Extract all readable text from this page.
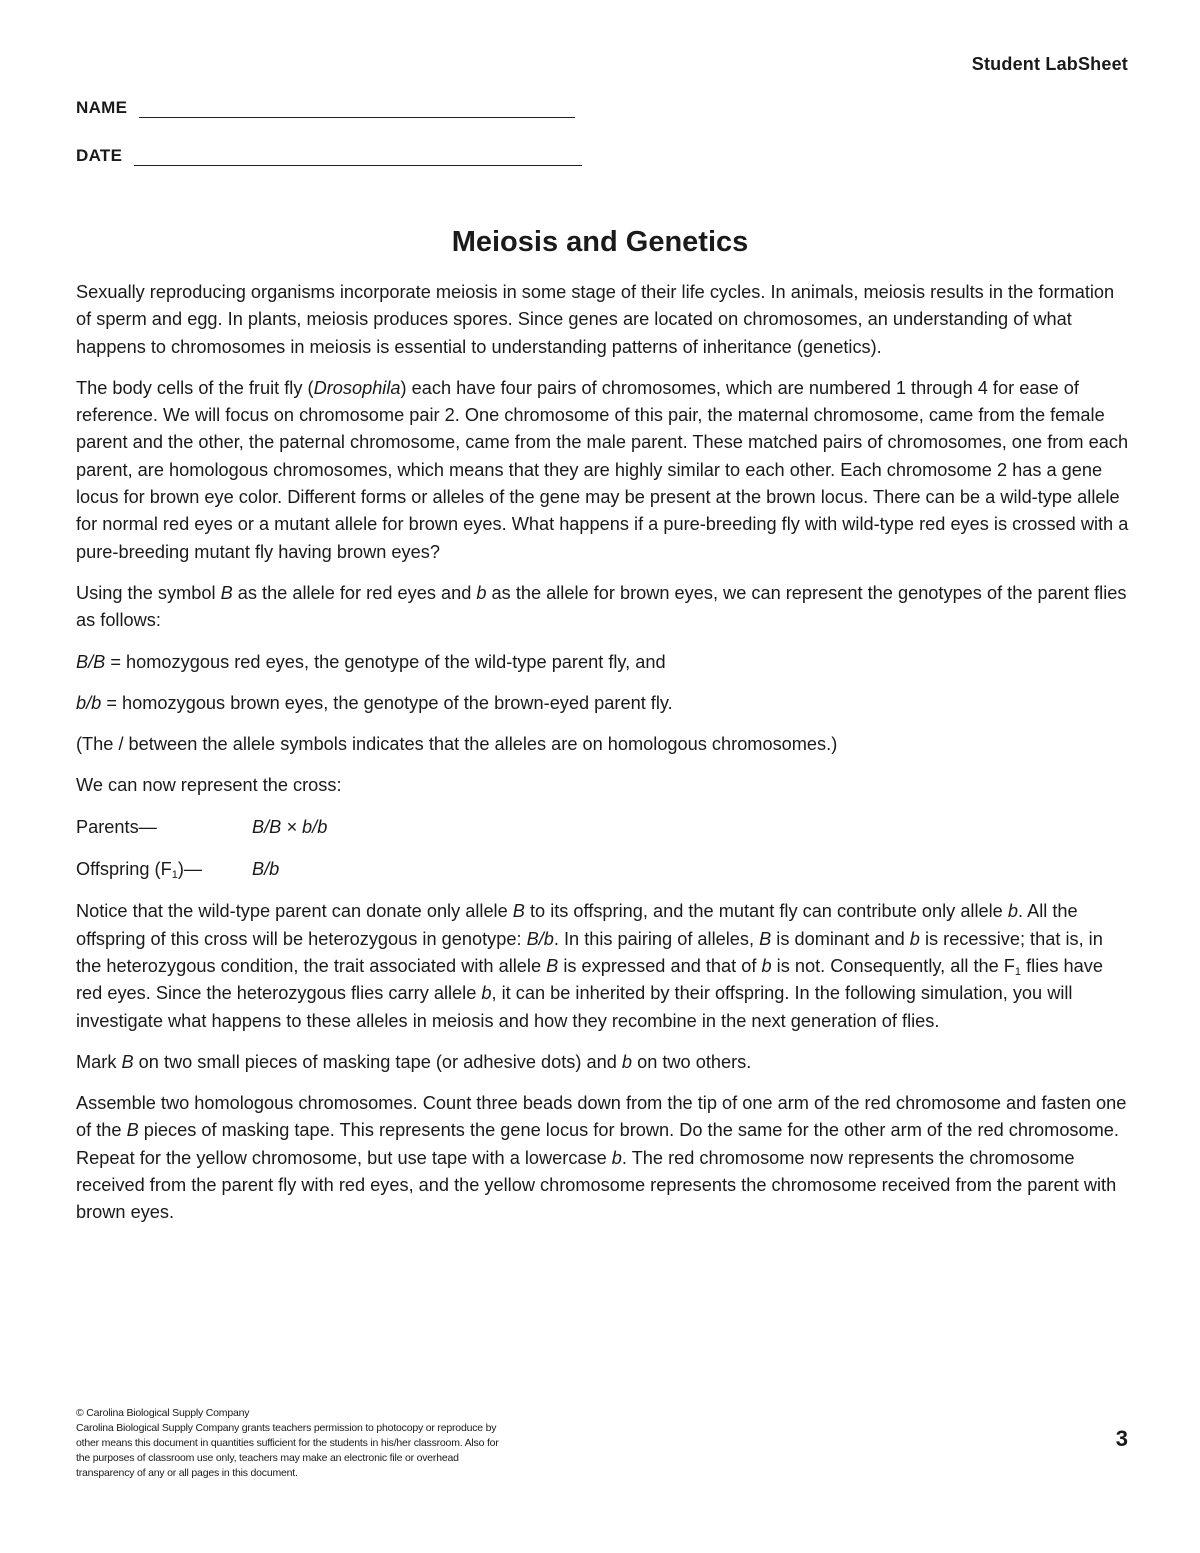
Student LabSheet
NAME
DATE
Meiosis and Genetics

Sexually reproducing organisms incorporate meiosis in some stage of their life cycles. In animals, meiosis results in the formation of sperm and egg. In plants, meiosis produces spores. Since genes are located on chromosomes, an understanding of what happens to chromosomes in meiosis is essential to understanding patterns of inheritance (genetics).

The body cells of the fruit fly (Drosophila) each have four pairs of chromosomes, which are numbered 1 through 4 for ease of reference. We will focus on chromosome pair 2. One chromosome of this pair, the maternal chromosome, came from the female parent and the other, the paternal chromosome, came from the male parent. These matched pairs of chromosomes, one from each parent, are homologous chromosomes, which means that they are highly similar to each other. Each chromosome 2 has a gene locus for brown eye color. Different forms or alleles of the gene may be present at the brown locus. There can be a wild-type allele for normal red eyes or a mutant allele for brown eyes. What happens if a pure-breeding fly with wild-type red eyes is crossed with a pure-breeding mutant fly having brown eyes?

Using the symbol B as the allele for red eyes and b as the allele for brown eyes, we can represent the genotypes of the parent flies as follows:

B/B = homozygous red eyes, the genotype of the wild-type parent fly, and

b/b = homozygous brown eyes, the genotype of the brown-eyed parent fly.

(The / between the allele symbols indicates that the alleles are on homologous chromosomes.)

We can now represent the cross:

Parents—	B/B × b/b
Offspring $(F_1)—$	B/b

Notice that the wild-type parent can donate only allele B to its offspring, and the mutant fly can contribute only allele b. All the offspring of this cross will be heterozygous in genotype: B/b. In this pairing of alleles, B is dominant and b is recessive; that is, in the heterozygous condition, the trait associated with allele B is expressed and that of b is not. Consequently, all the $F_1$ flies have red eyes. Since the heterozygous flies carry allele b, it can be inherited by their offspring. In the following simulation, you will investigate what happens to these alleles in meiosis and how they recombine in the next generation of flies.

Mark B on two small pieces of masking tape (or adhesive dots) and b on two others.

Assemble two homologous chromosomes. Count three beads down from the tip of one arm of the red chromosome and fasten one of the B pieces of masking tape. This represents the gene locus for brown. Do the same for the other arm of the red chromosome. Repeat for the yellow chromosome, but use tape with a lowercase b. The red chromosome now represents the chromosome received from the parent fly with red eyes, and the yellow chromosome represents the chromosome received from the parent with brown eyes.

© Carolina Biological Supply Company
Carolina Biological Supply Company grants teachers permission to photocopy or reproduce by other means this document in quantities sufficient for the students in his/her classroom. Also for the purposes of classroom use only, teachers may make an electronic file or overhead transparency of any or all pages in this document.
3
